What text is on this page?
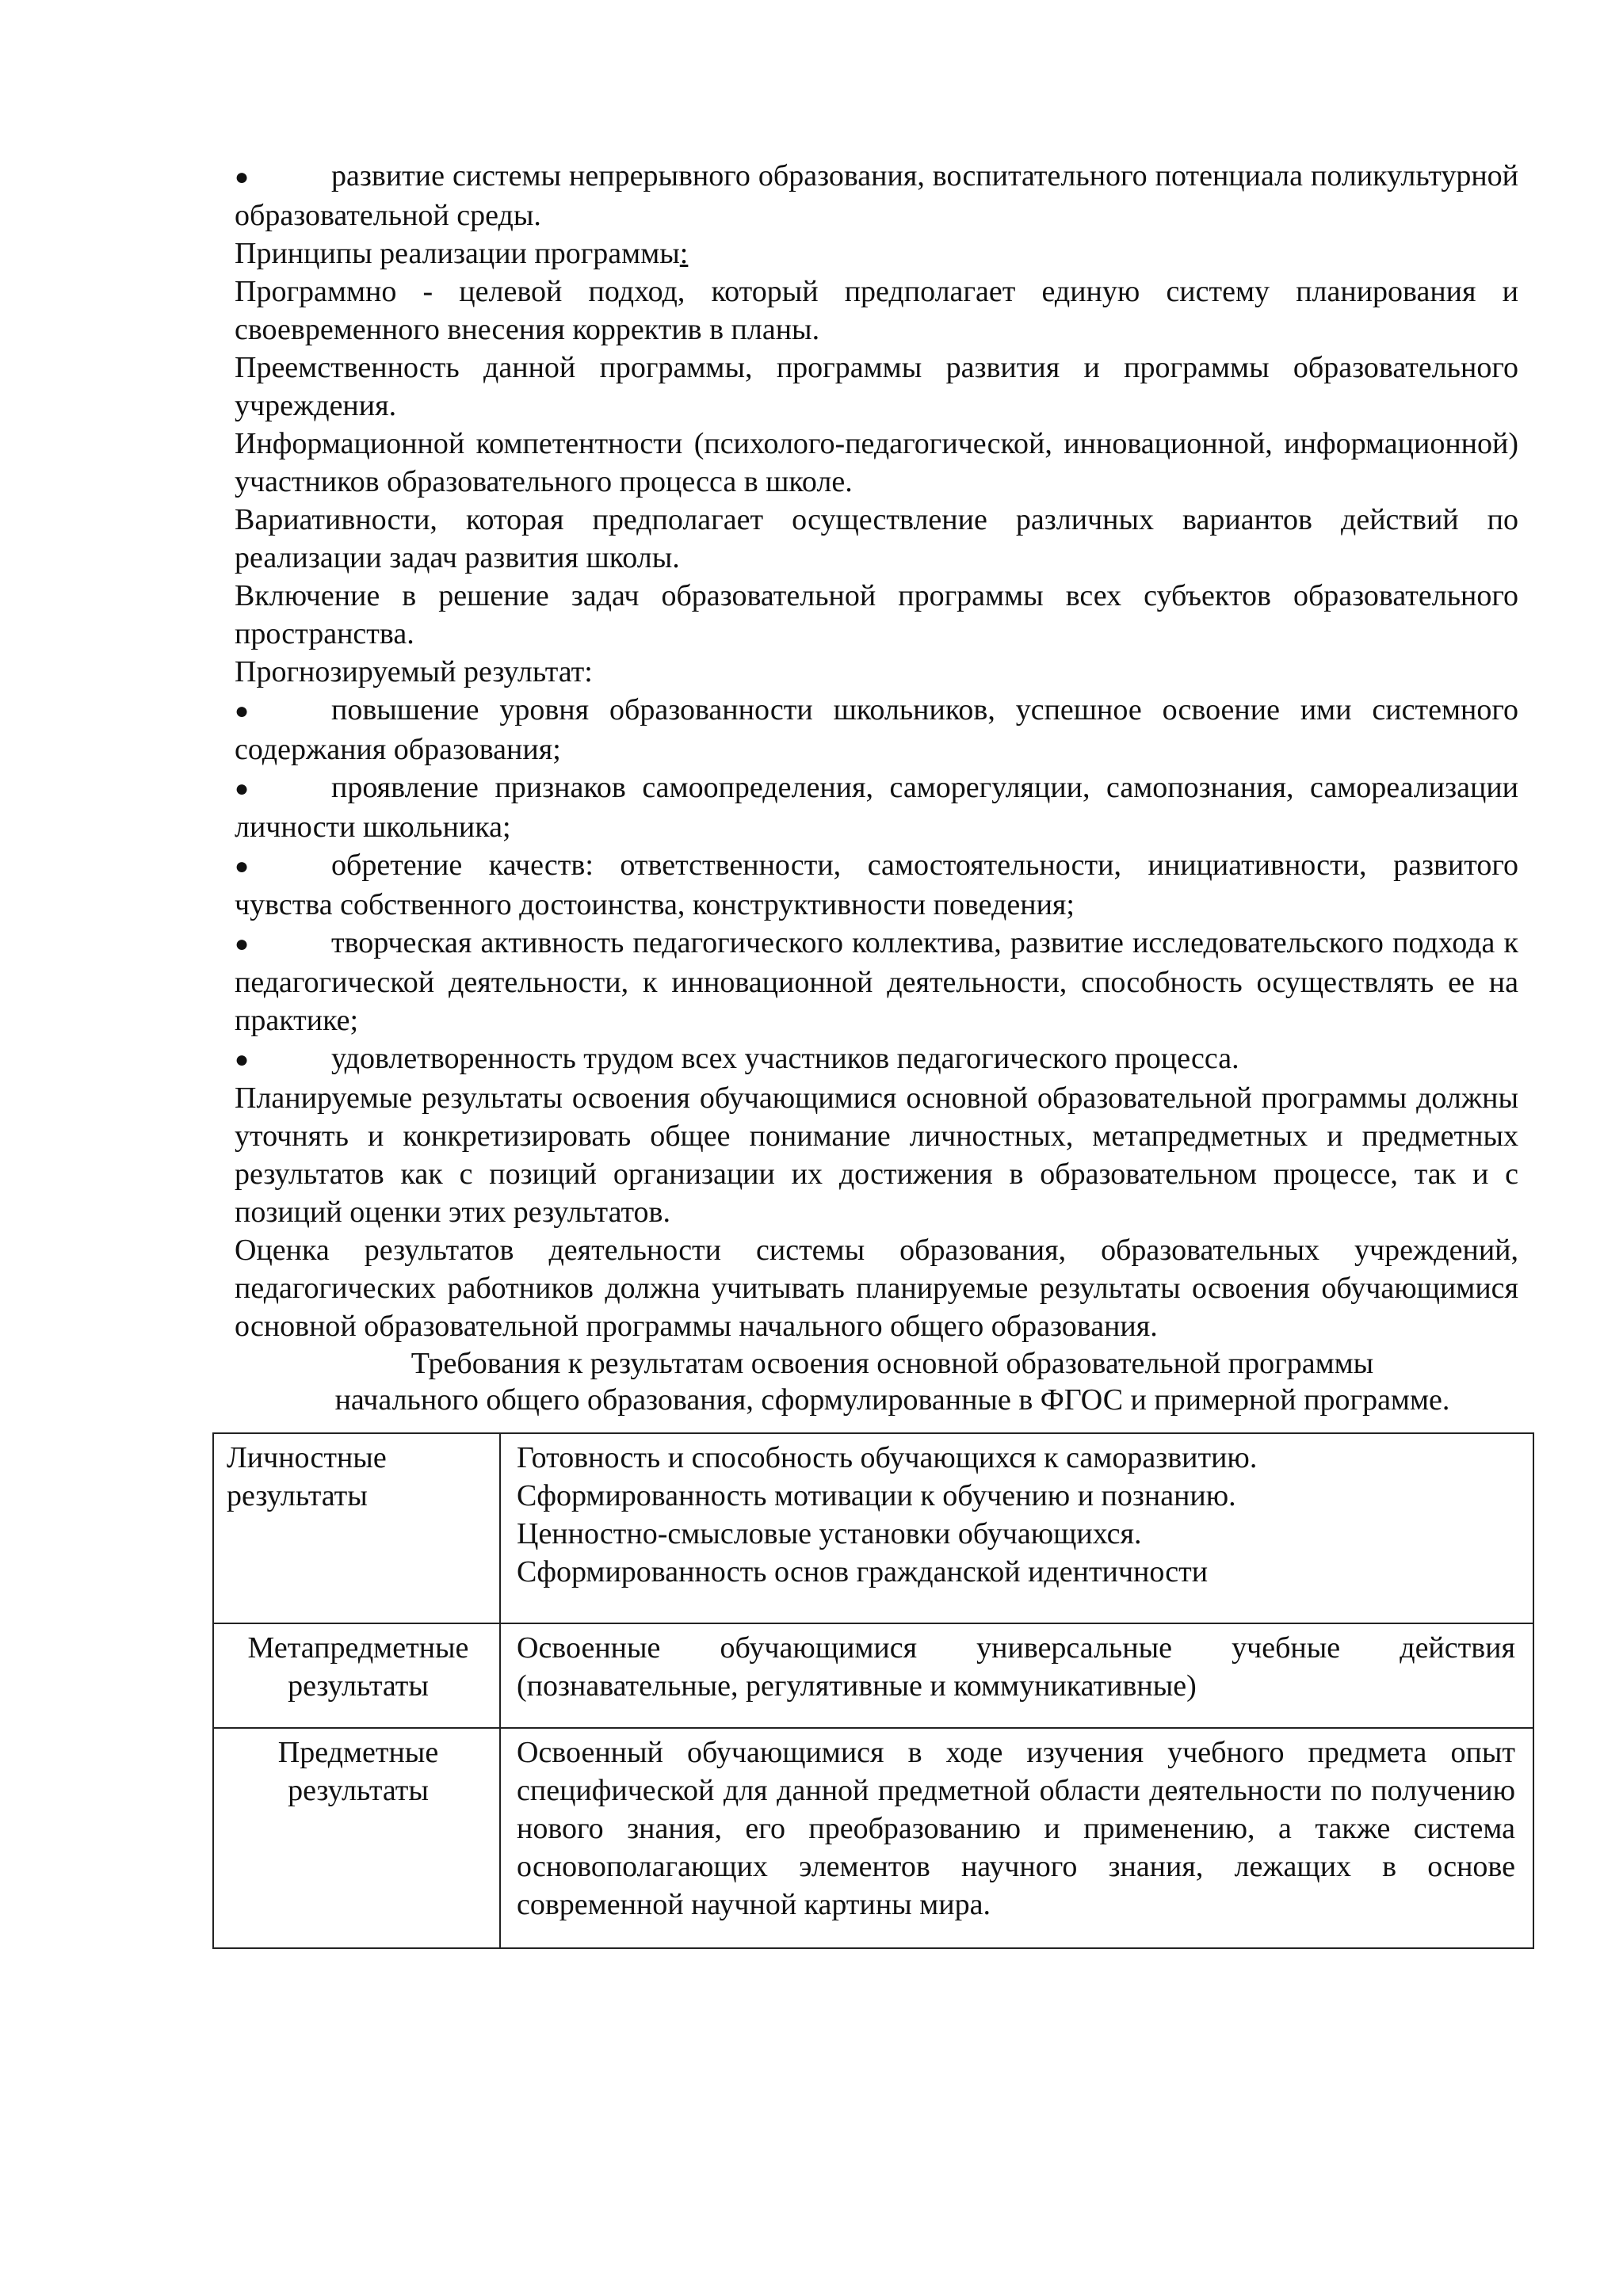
●	развитие системы непрерывного образования, воспитательного потенциала поликультурной образовательной среды.

Принципы реализации программы:

Программно - целевой подход, который предполагает единую систему планирования и своевременного внесения корректив в планы.

Преемственность данной программы, программы развития и программы образовательного учреждения.

Информационной компетентности (психолого-педагогической, инновационной, информационной) участников образовательного процесса в школе.

Вариативности, которая предполагает осуществление различных вариантов действий по реализации задач развития школы.

Включение в решение задач образовательной программы всех субъектов образовательного пространства.

Прогнозируемый результат:

●	повышение уровня образованности школьников, успешное освоение ими системного содержания образования;

●	проявление признаков самоопределения, саморегуляции, самопознания, самореализации личности школьника;

●	обретение качеств: ответственности, самостоятельности, инициативности, развитого чувства собственного достоинства, конструктивности поведения;

●	творческая активность педагогического коллектива, развитие исследовательского подхода к педагогической деятельности, к инновационной деятельности, способность осуществлять ее на практике;

●	удовлетворенность трудом всех участников педагогического процесса.

Планируемые результаты освоения обучающимися основной образовательной программы должны уточнять и конкретизировать общее понимание личностных, метапредметных и предметных результатов как с позиций организации их достижения в образовательном процессе, так и с позиций оценки этих результатов.

Оценка результатов деятельности системы образования, образовательных учреждений, педагогических работников должна учитывать планируемые результаты освоения обучающимися основной образовательной программы начального общего образования.

Требования к результатам освоения основной образовательной программы

начального общего образования, сформулированные в ФГОС и примерной программе.

Личностные результаты	Готовность и способность обучающихся к саморазвитию.
Сформированность мотивации к обучению и познанию.
Ценностно-смысловые установки обучающихся.
Сформированность основ гражданской идентичности

Метапредметные результаты	Освоенные обучающимися универсальные учебные действия (познавательные, регулятивные и коммуникативные)

Предметные результаты	Освоенный обучающимися в ходе изучения учебного предмета опыт специфической для данной предметной области деятельности по получению нового знания, его преобразованию и применению, а также система основополагающих элементов научного знания, лежащих в основе современной научной картины мира.
